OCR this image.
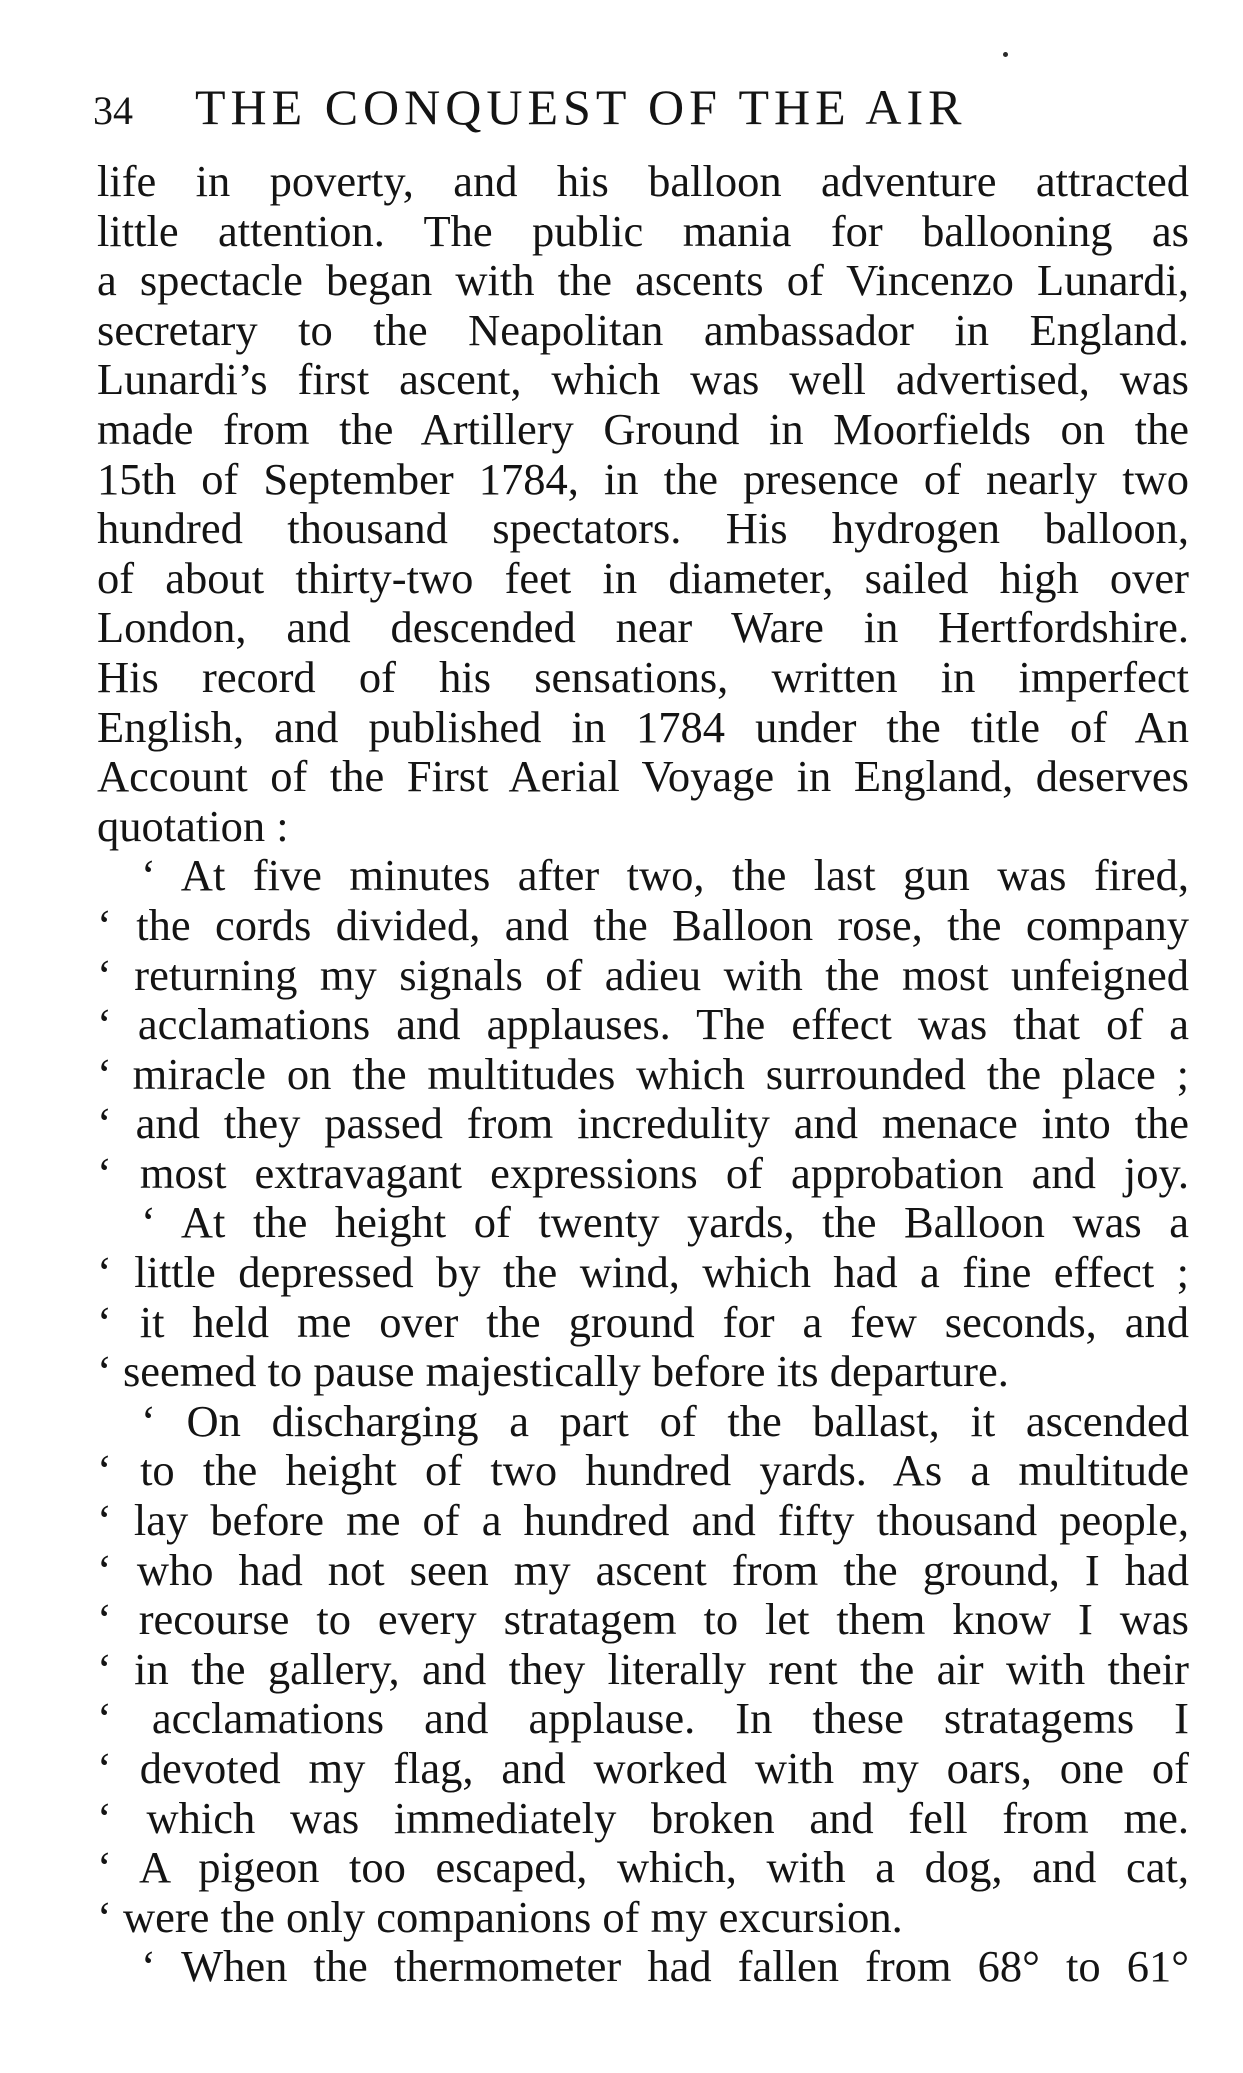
34 THE CONQUEST OF THE AIR
life in poverty, and his balloon adventure attracted
little attention. The public mania for ballooning as
a spectacle began with the ascents of Vincenzo Lunardi,
secretary to the Neapolitan ambassador in England.
Lunardi’s first ascent, which was well advertised, was
made from the Artillery Ground in Moorfields on the
15th of September 1784, in the presence of nearly two
hundred thousand spectators. His hydrogen balloon,
of about thirty-two feet in diameter, sailed high over
London, and descended near Ware in Hertfordshire.
His record of his sensations, written in imperfect
English, and published in 1784 under the title of An
Account of the First Aerial Voyage in England, deserves
quotation :
‘ At five minutes after two, the last gun was fired,
‘ the cords divided, and the Balloon rose, the company
‘ returning my signals of adieu with the most unfeigned
‘ acclamations and applauses. The effect was that of a
‘ miracle on the multitudes which surrounded the place ;
‘ and they passed from incredulity and menace into the
‘ most extravagant expressions of approbation and joy.
‘ At the height of twenty yards, the Balloon was a
‘ little depressed by the wind, which had a fine effect ;
‘ it held me over the ground for a few seconds, and
‘ seemed to pause majestically before its departure.
‘ On discharging a part of the ballast, it ascended
‘ to the height of two hundred yards. As a multitude
‘ lay before me of a hundred and fifty thousand people,
‘ who had not seen my ascent from the ground, I had
‘ recourse to every stratagem to let them know I was
‘ in the gallery, and they literally rent the air with their
‘ acclamations and applause. In these stratagems I
‘ devoted my flag, and worked with my oars, one of
‘ which was immediately broken and fell from me.
‘ A pigeon too escaped, which, with a dog, and cat,
‘ were the only companions of my excursion.
‘ When the thermometer had fallen from 68° to 61°
